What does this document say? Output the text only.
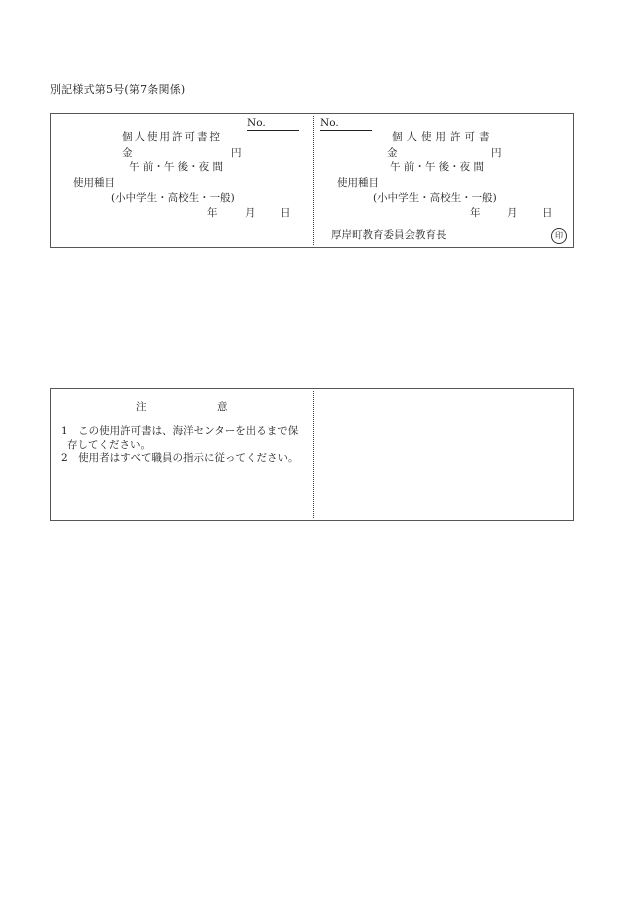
別記様式第5号(第7条関係)
No.
個人使用許可書控
金	円
午 前・午 後・夜 間
使用種目
(小中学生・高校生・一般)
年	月 日
No.
個人使用許可書
金	円
午 前・午 後・夜 間
使用種目
(小中学生・高校生・一般)
年	月 日
厚岸町教育委員会教育長	印
注	意

1　この使用許可書は、海洋センターを出るまで保存してください。

2　使用者はすべて職員の指示に従ってください。
